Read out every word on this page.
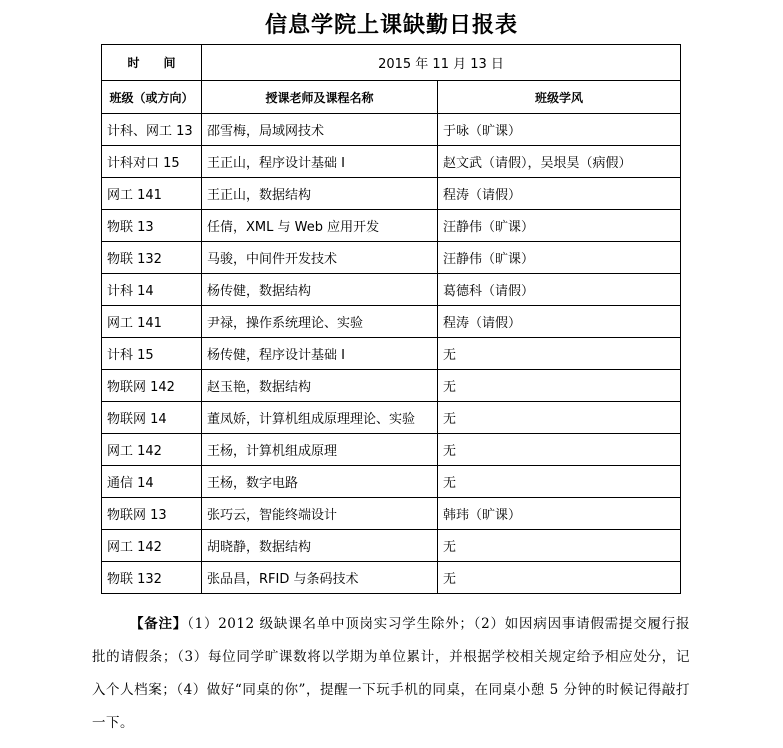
信息学院上课缺勤日报表
时　　间	2015 年 11 月 13 日	
班级（或方向）	授课老师及课程名称	班级学风
计科、网工 13	邵雪梅，局域网技术	于咏（旷课）
计科对口 15	王正山，程序设计基础 I	赵文武（请假），吴垠昊（病假）
网工 141	王正山，数据结构	程涛（请假）
物联 13	任倩，XML 与 Web 应用开发	汪静伟（旷课）
物联 132	马骏，中间件开发技术	汪静伟（旷课）
计科 14	杨传健，数据结构	葛德科（请假）
网工 141	尹禄，操作系统理论、实验	程涛（请假）
计科 15	杨传健，程序设计基础 I	无
物联网 142	赵玉艳，数据结构	无
物联网 14	董凤娇，计算机组成原理理论、实验	无
网工 142	王杨，计算机组成原理	无
通信 14	王杨，数字电路	无
物联网 13	张巧云，智能终端设计	韩玮（旷课）
网工 142	胡晓静，数据结构	无
物联 132	张品昌，RFID 与条码技术	无
【备注】（1）2012 级缺课名单中顶岗实习学生除外；（2）如因病因事请假需提交履行报批的请假条；（3）每位同学旷课数将以学期为单位累计，并根据学校相关规定给予相应处分，记入个人档案；（4）做好“同桌的你”，提醒一下玩手机的同桌，在同桌小憩 5 分钟的时候记得敲打一下。
